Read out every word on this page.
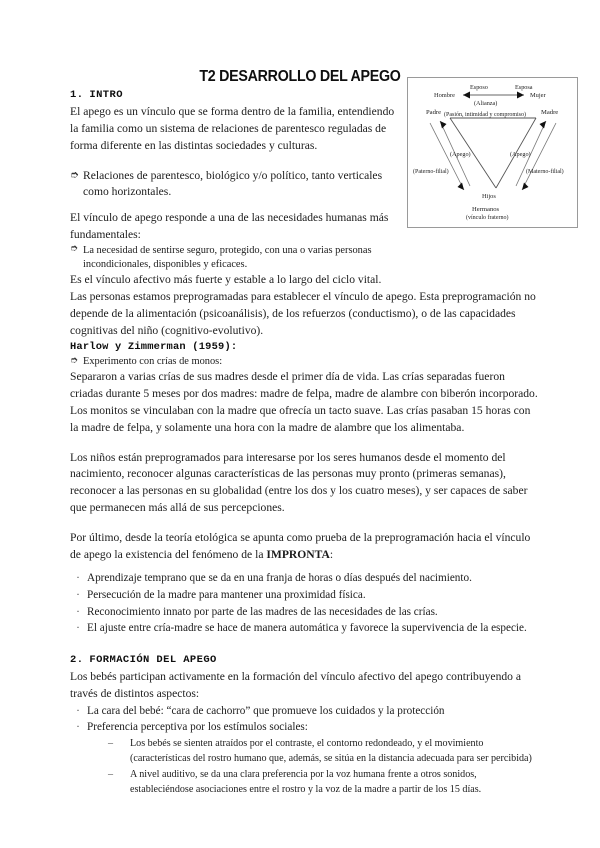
T2 DESARROLLO DEL APEGO
Esposo	Esposa
Hombre	Mujer
(Alianza)
(Pasión, intimidad y compromiso)
Padre	Madre
(Apego)	(Apego)
(Paterno-filial)	(Materno-filial)
Hijos
Hermanos
(vínculo fraterno)
1. INTRO

El apego es un vínculo que se forma dentro de la familia, entendiendo la familia como un sistema de relaciones de parentesco reguladas de forma diferente en las distintas sociedades y culturas.

➮ Relaciones de parentesco, biológico y/o político, tanto verticales como horizontales.

El vínculo de apego responde a una de las necesidades humanas más fundamentales:

➮ La necesidad de sentirse seguro, protegido, con una o varias personas incondicionales, disponibles y eficaces.

Es el vínculo afectivo más fuerte y estable a lo largo del ciclo vital.

Las personas estamos preprogramadas para establecer el vínculo de apego. Esta preprogramación no depende de la alimentación (psicoanálisis), de los refuerzos (conductismo), o de las capacidades cognitivas del niño (cognitivo-evolutivo).

Harlow y Zimmerman (1959):

➮ Experimento con crías de monos:

Separaron a varias crías de sus madres desde el primer día de vida. Las crías separadas fueron criadas durante 5 meses por dos madres: madre de felpa, madre de alambre con biberón incorporado. Los monitos se vinculaban con la madre que ofrecía un tacto suave. Las crías pasaban 15 horas con la madre de felpa, y solamente una hora con la madre de alambre que los alimentaba.

Los niños están preprogramados para interesarse por los seres humanos desde el momento del nacimiento, reconocer algunas características de las personas muy pronto (primeras semanas), reconocer a las personas en su globalidad (entre los dos y los cuatro meses), y ser capaces de saber que permanecen más allá de sus percepciones.

Por último, desde la teoría etológica se apunta como prueba de la preprogramación hacia el vínculo de apego la existencia del fenómeno de la IMPRONTA:

· Aprendizaje temprano que se da en una franja de horas o días después del nacimiento.
· Persecución de la madre para mantener una proximidad física.
· Reconocimiento innato por parte de las madres de las necesidades de las crías.
· El ajuste entre cría-madre se hace de manera automática y favorece la supervivencia de la especie.
2. FORMACIÓN DEL APEGO

Los bebés participan activamente en la formación del vínculo afectivo del apego contribuyendo a través de distintos aspectos:

· La cara del bebé: “cara de cachorro” que promueve los cuidados y la protección
· Preferencia perceptiva por los estímulos sociales:
– Los bebés se sienten atraídos por el contraste, el contorno redondeado, y el movimiento (características del rostro humano que, además, se sitúa en la distancia adecuada para ser percibida)
– A nivel auditivo, se da una clara preferencia por la voz humana frente a otros sonidos, estableciéndose asociaciones entre el rostro y la voz de la madre a partir de los 15 días.
